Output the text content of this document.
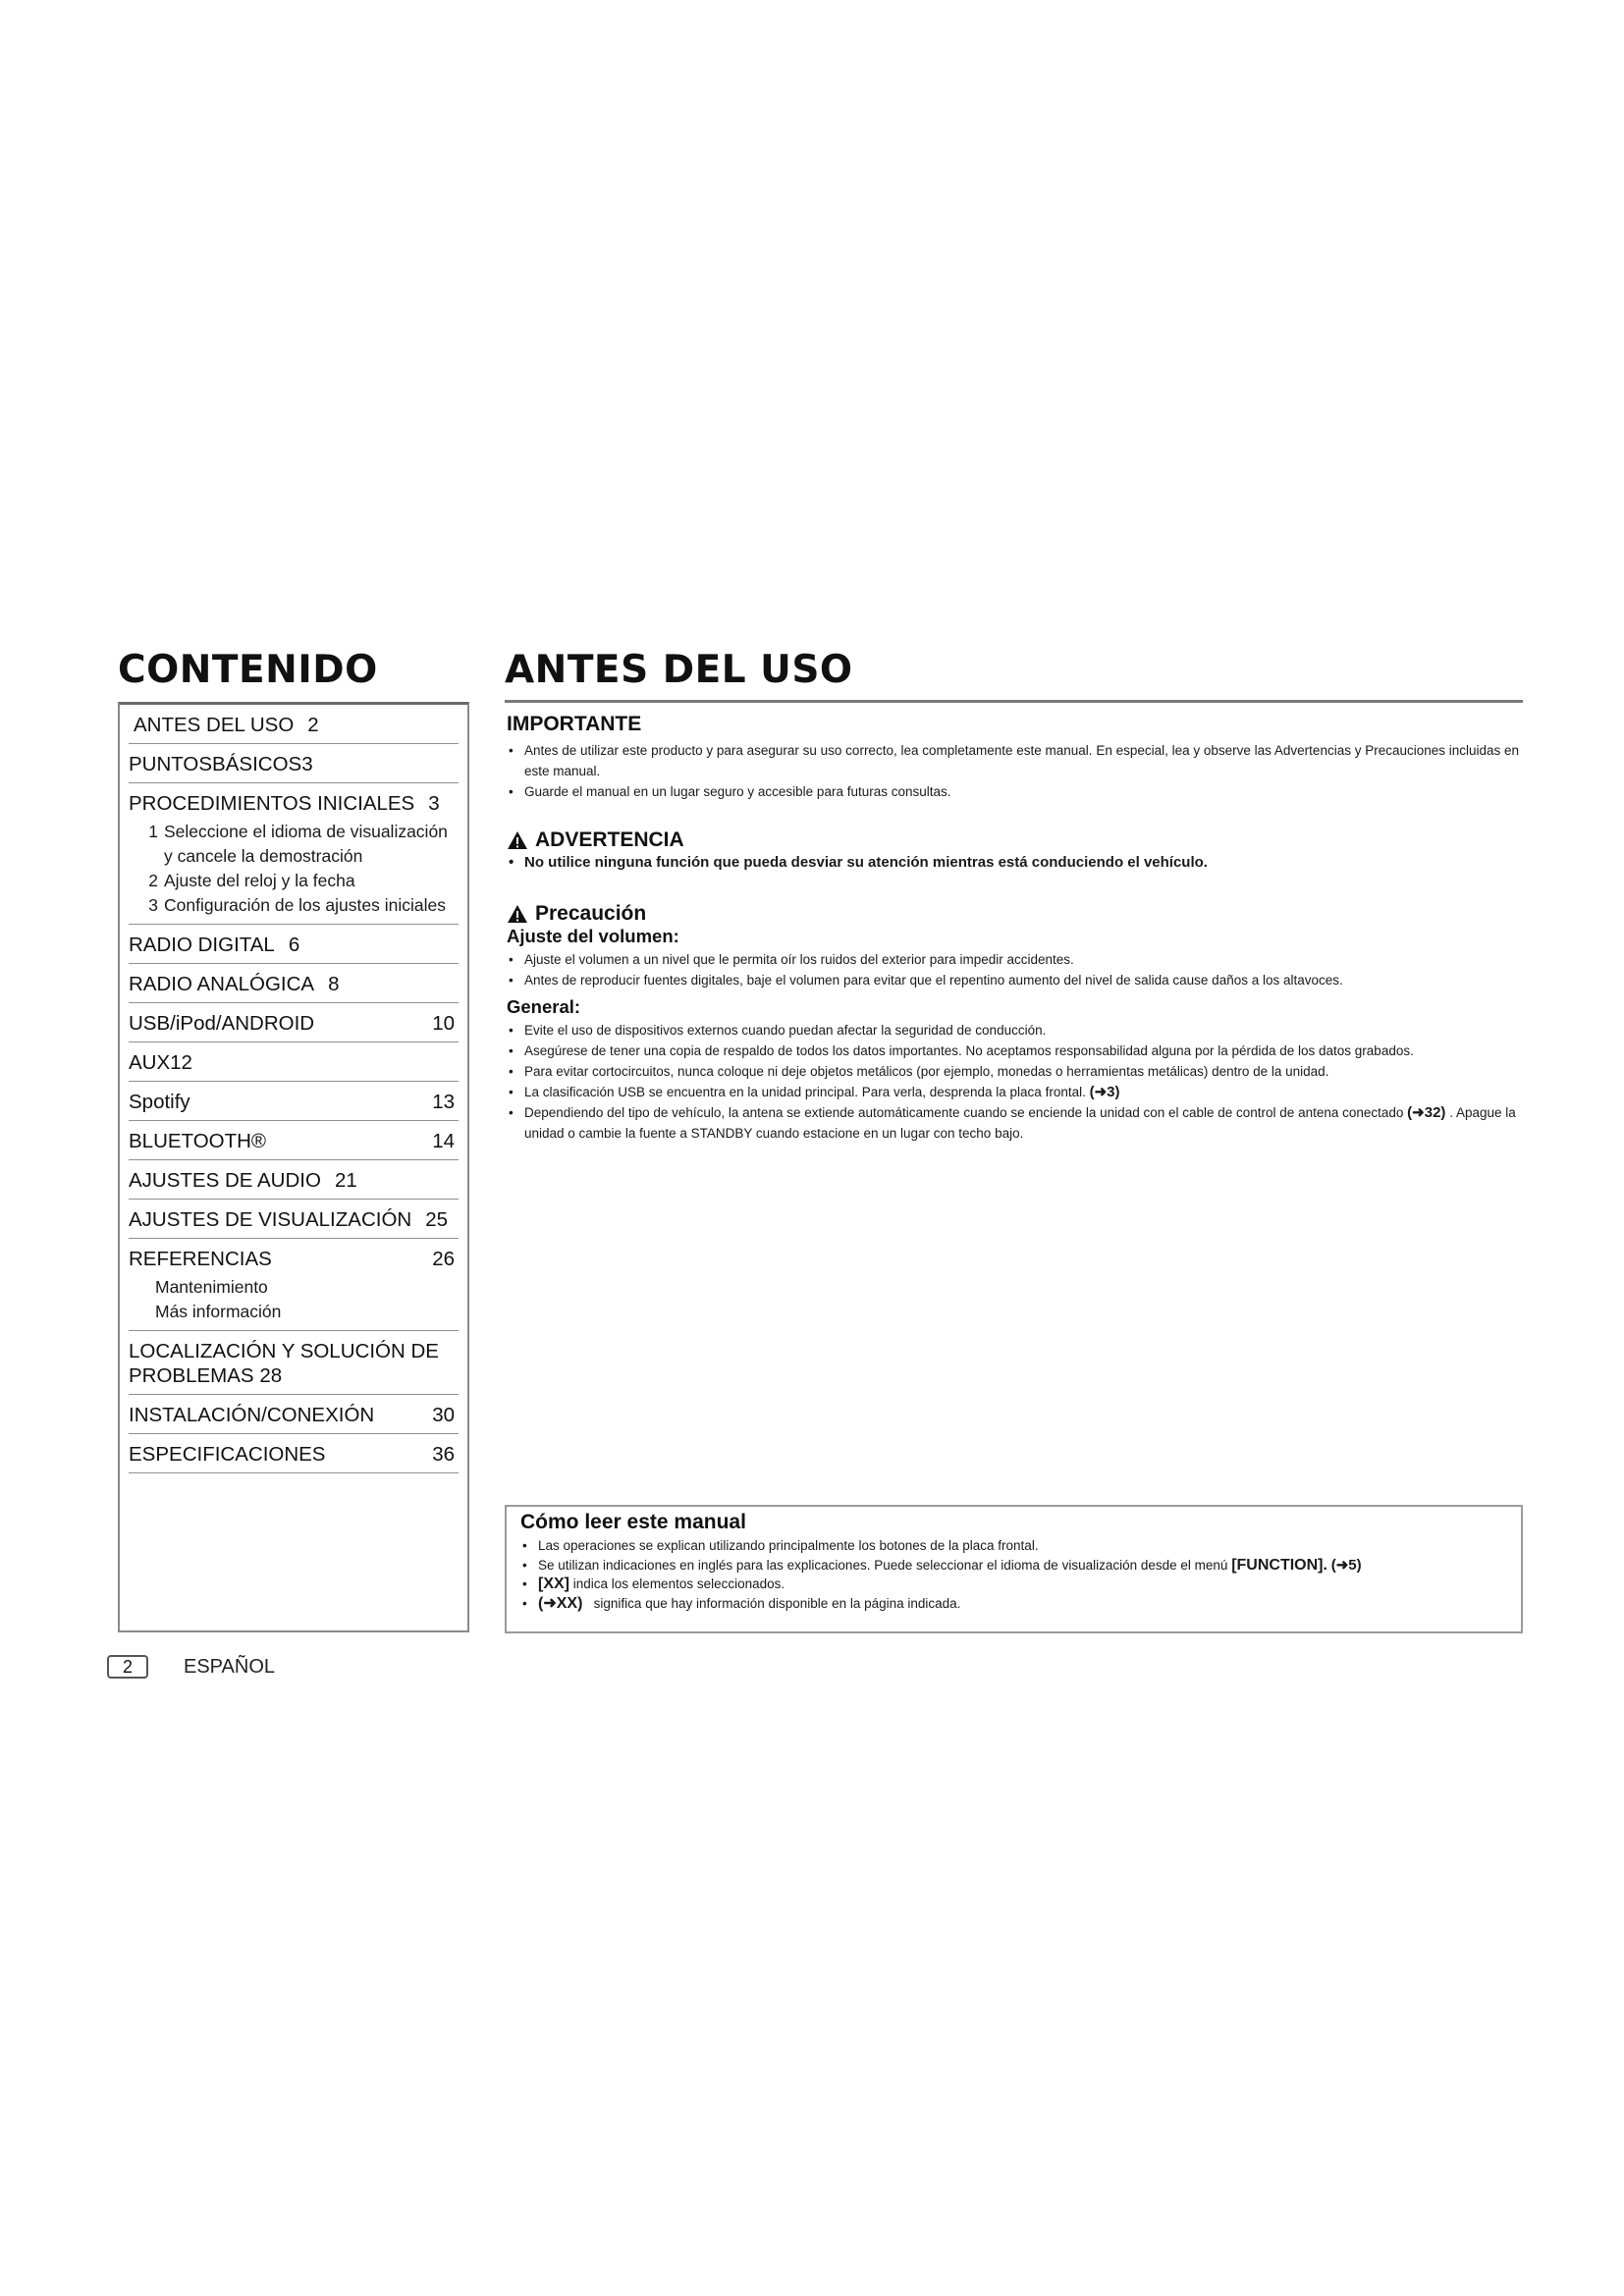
CONTENIDO
ANTES DEL USO 2
PUNTOSBÁSICOS3
PROCEDIMIENTOS INICIALES 3
1 Seleccione el idioma de visualización y cancele la demostración
2 Ajuste del reloj y la fecha
3 Configuración de los ajustes iniciales
RADIO DIGITAL 6
RADIO ANALÓGICA 8
USB/iPod/ANDROID	10
AUX12
Spotify	13
BLUETOOTH®	14
AJUSTES DE AUDIO 21
AJUSTES DE VISUALIZACIÓN 25
REFERENCIAS	26
Mantenimiento
Más información
LOCALIZACIÓN Y SOLUCIÓN DE PROBLEMAS 28
INSTALACIÓN/CONEXIÓN	30
ESPECIFICACIONES	36
2	ESPAÑOL
ANTES DEL USO
IMPORTANTE
• Antes de utilizar este producto y para asegurar su uso correcto, lea completamente este manual. En especial, lea y observe las Advertencias y Precauciones incluidas en este manual.
• Guarde el manual en un lugar seguro y accesible para futuras consultas.
ADVERTENCIA
• No utilice ninguna función que pueda desviar su atención mientras está conduciendo el vehículo.
Precaución
Ajuste del volumen:
• Ajuste el volumen a un nivel que le permita oír los ruidos del exterior para impedir accidentes.
• Antes de reproducir fuentes digitales, baje el volumen para evitar que el repentino aumento del nivel de salida cause daños a los altavoces.
General:
• Evite el uso de dispositivos externos cuando puedan afectar la seguridad de conducción.
• Asegúrese de tener una copia de respaldo de todos los datos importantes. No aceptamos responsabilidad alguna por la pérdida de los datos grabados.
• Para evitar cortocircuitos, nunca coloque ni deje objetos metálicos (por ejemplo, monedas o herramientas metálicas) dentro de la unidad.
• La clasificación USB se encuentra en la unidad principal. Para verla, desprenda la placa frontal. (➜3)
• Dependiendo del tipo de vehículo, la antena se extiende automáticamente cuando se enciende la unidad con el cable de control de antena conectado (➜32) . Apague la unidad o cambie la fuente a STANDBY cuando estacione en un lugar con techo bajo.
Cómo leer este manual
• Las operaciones se explican utilizando principalmente los botones de la placa frontal.
• Se utilizan indicaciones en inglés para las explicaciones. Puede seleccionar el idioma de visualización desde el menú [FUNCTION]. (➜5)
• [XX] indica los elementos seleccionados.
• (➜XX) significa que hay información disponible en la página indicada.
